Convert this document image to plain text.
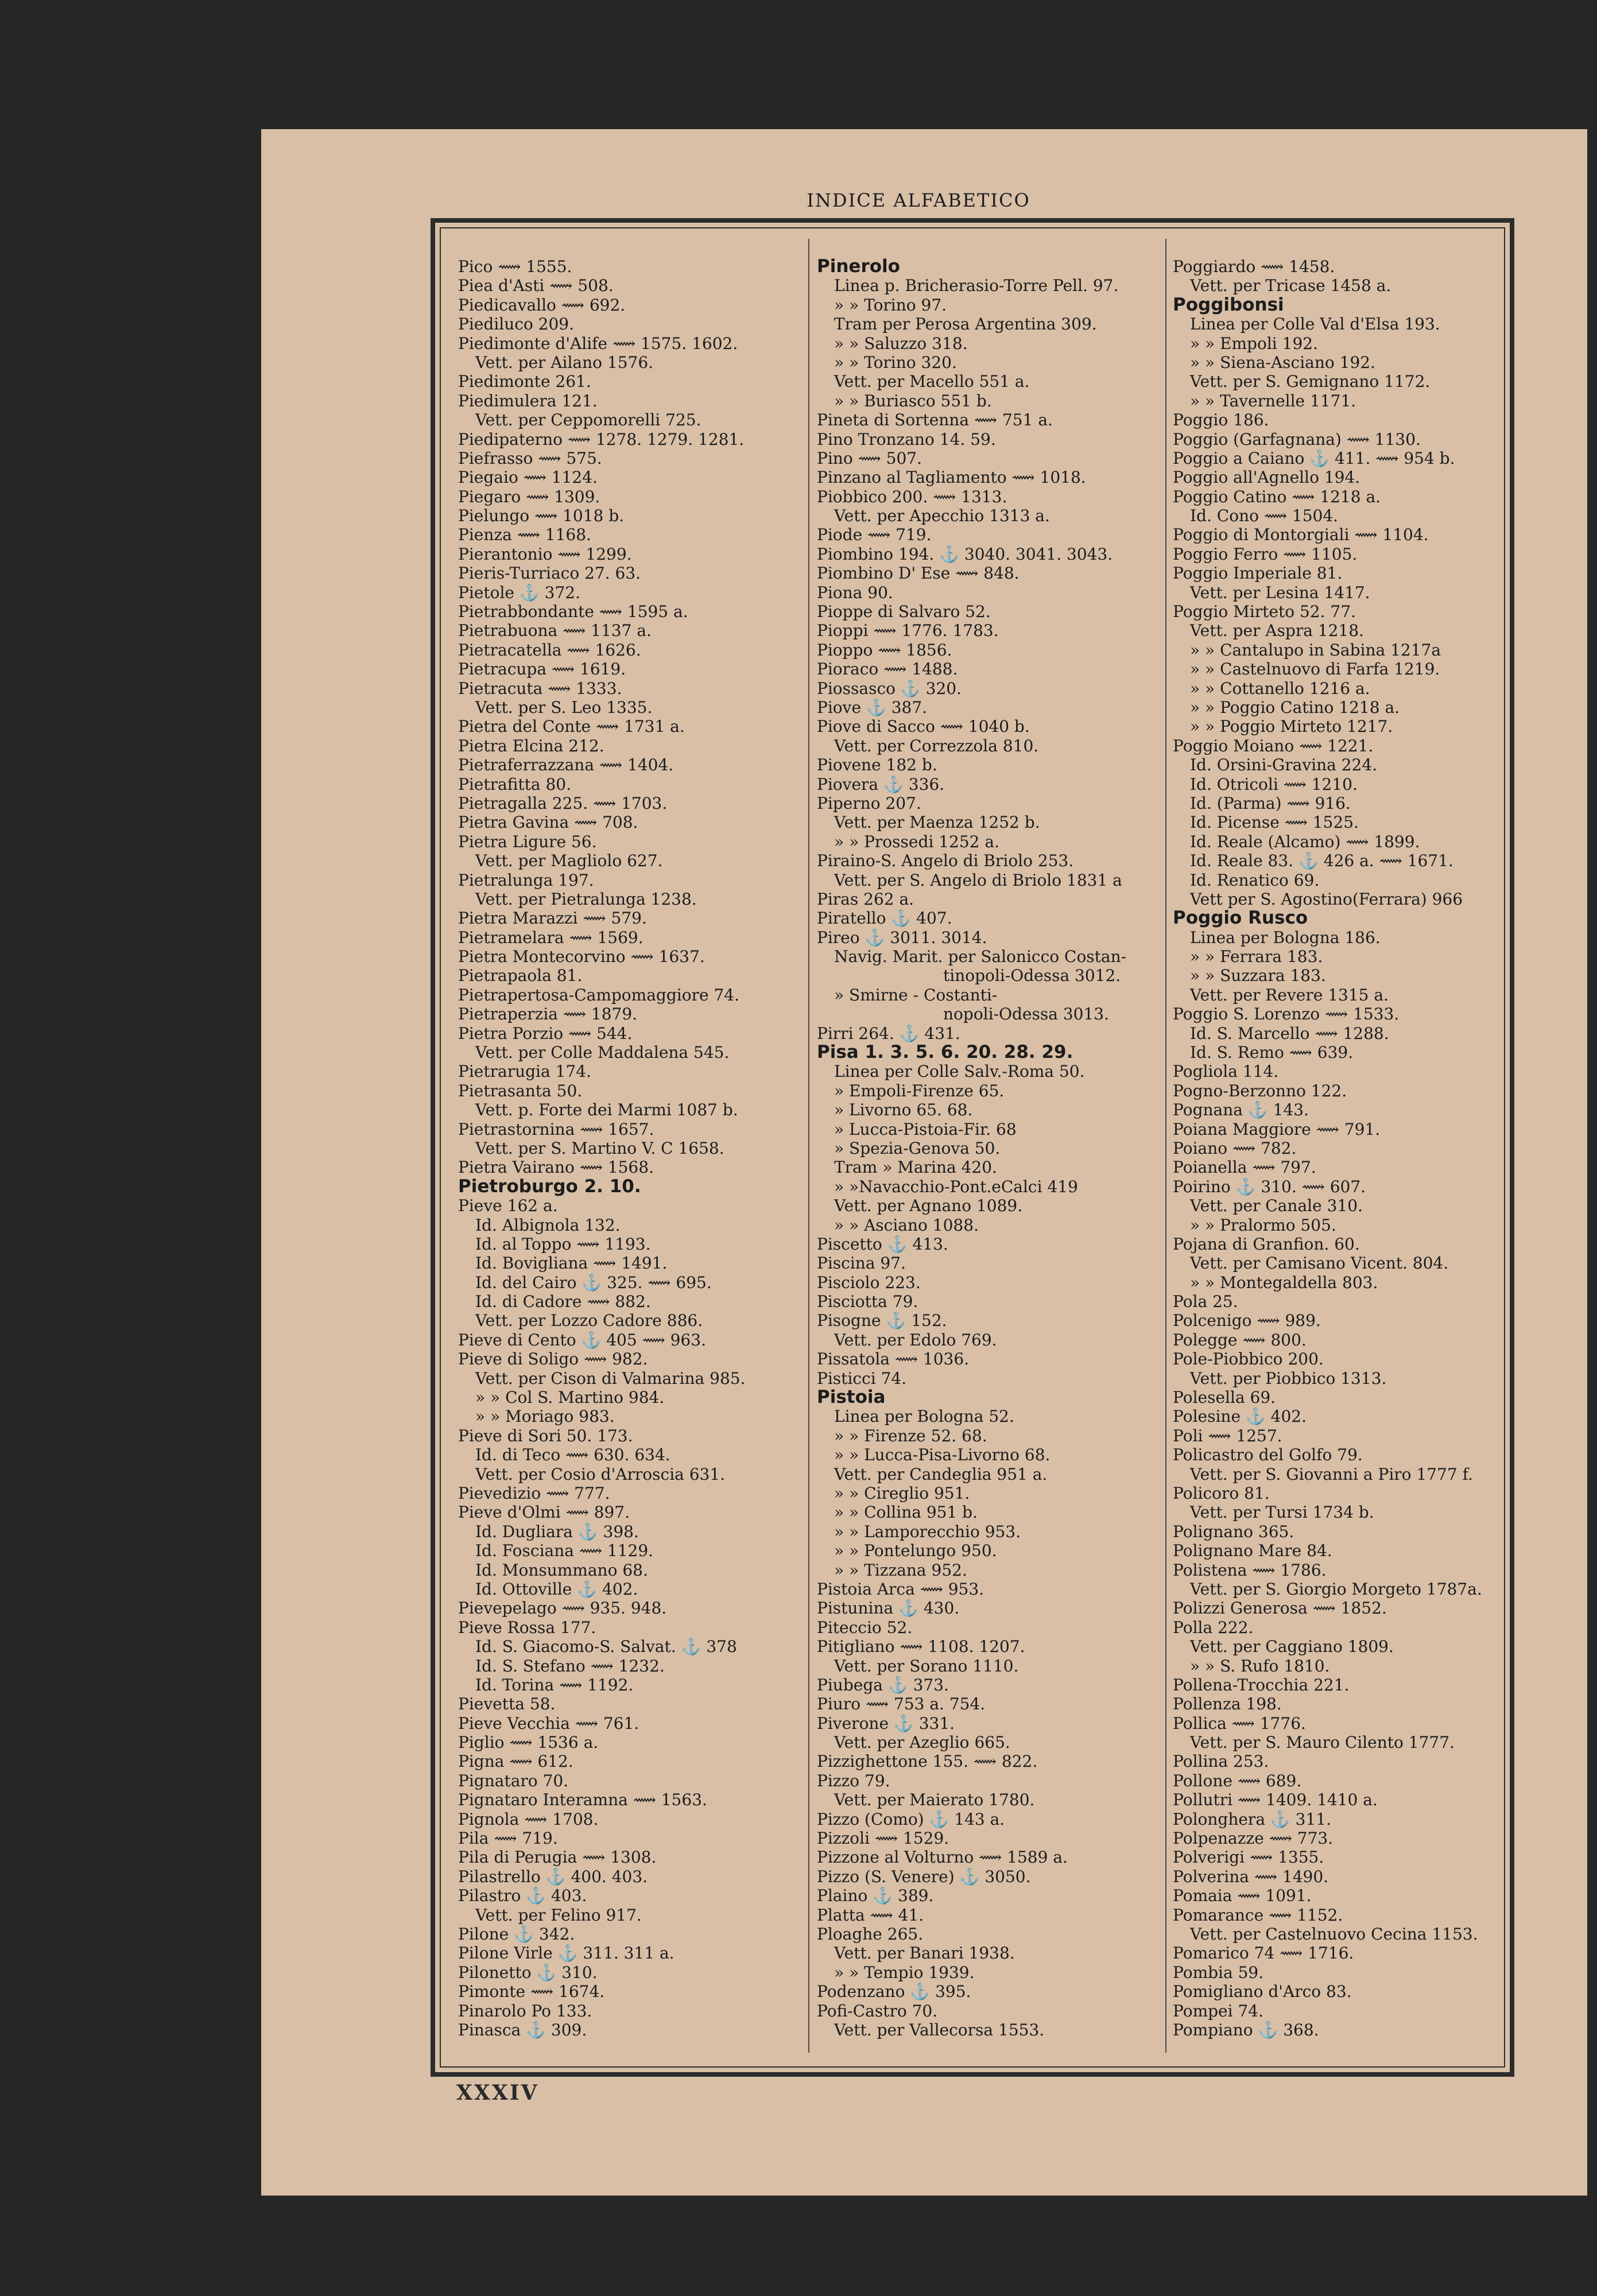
INDICE ALFABETICO
Pico ⟿ 1555.
Piea d'Asti ⟿ 508.
Piedicavallo ⟿ 692.
Piediluco 209.
Piedimonte d'Alife ⟿ 1575. 1602.
Vett. per Ailano 1576.
Piedimonte 261.
Piedimulera 121.
Vett. per Ceppomorelli 725.
Piedipaterno ⟿ 1278. 1279. 1281.
Piefrasso ⟿ 575.
Piegaio ⟿ 1124.
Piegaro ⟿ 1309.
Pielungo ⟿ 1018 b.
Pienza ⟿ 1168.
Pierantonio ⟿ 1299.
Pieris-Turriaco 27. 63.
Pietole ⚓ 372.
Pietrabbondante ⟿ 1595 a.
Pietrabuona ⟿ 1137 a.
Pietracatella ⟿ 1626.
Pietracupa ⟿ 1619.
Pietracuta ⟿ 1333.
Vett. per S. Leo 1335.
Pietra del Conte ⟿ 1731 a.
Pietra Elcina 212.
Pietraferrazzana ⟿ 1404.
Pietrafitta 80.
Pietragalla 225. ⟿ 1703.
Pietra Gavina ⟿ 708.
Pietra Ligure 56.
Vett. per Magliolo 627.
Pietralunga 197.
Vett. per Pietralunga 1238.
Pietra Marazzi ⟿ 579.
Pietramelara ⟿ 1569.
Pietra Montecorvino ⟿ 1637.
Pietrapaola 81.
Pietrapertosa-Campomaggiore 74.
Pietraperzia ⟿ 1879.
Pietra Porzio ⟿ 544.
Vett. per Colle Maddalena 545.
Pietrarugia 174.
Pietrasanta 50.
Vett. p. Forte dei Marmi 1087 b.
Pietrastornina ⟿ 1657.
Vett. per S. Martino V. C 1658.
Pietra Vairano ⟿ 1568.
Pietroburgo 2. 10.
Pieve 162 a.
Id. Albignola 132.
Id. al Toppo ⟿ 1193.
Id. Bovigliana ⟿ 1491.
Id. del Cairo ⚓ 325. ⟿ 695.
Id. di Cadore ⟿ 882.
Vett. per Lozzo Cadore 886.
Pieve di Cento ⚓ 405 ⟿ 963.
Pieve di Soligo ⟿ 982.
Vett. per Cison di Valmarina 985.
» » Col S. Martino 984.
» » Moriago 983.
Pieve di Sori 50. 173.
Id. di Teco ⟿ 630. 634.
Vett. per Cosio d'Arroscia 631.
Pievedizio ⟿ 777.
Pieve d'Olmi ⟿ 897.
Id. Dugliara ⚓ 398.
Id. Fosciana ⟿ 1129.
Id. Monsummano 68.
Id. Ottoville ⚓ 402.
Pievepelago ⟿ 935. 948.
Pieve Rossa 177.
Id. S. Giacomo-S. Salvat. ⚓ 378
Id. S. Stefano ⟿ 1232.
Id. Torina ⟿ 1192.
Pievetta 58.
Pieve Vecchia ⟿ 761.
Piglio ⟿ 1536 a.
Pigna ⟿ 612.
Pignataro 70.
Pignataro Interamna ⟿ 1563.
Pignola ⟿ 1708.
Pila ⟿ 719.
Pila di Perugia ⟿ 1308.
Pilastrello ⚓ 400. 403.
Pilastro ⚓ 403.
Vett. per Felino 917.
Pilone ⚓ 342.
Pilone Virle ⚓ 311. 311 a.
Pilonetto ⚓ 310.
Pimonte ⟿ 1674.
Pinarolo Po 133.
Pinasca ⚓ 309.
Pinerolo
Linea p. Bricherasio-Torre Pell. 97.
» » Torino 97.
Tram per Perosa Argentina 309.
» » Saluzzo 318.
» » Torino 320.
Vett. per Macello 551 a.
» » Buriasco 551 b.
Pineta di Sortenna ⟿ 751 a.
Pino Tronzano 14. 59.
Pino ⟿ 507.
Pinzano al Tagliamento ⟿ 1018.
Piobbico 200. ⟿ 1313.
Vett. per Apecchio 1313 a.
Piode ⟿ 719.
Piombino 194. ⚓ 3040. 3041. 3043.
Piombino D' Ese ⟿ 848.
Piona 90.
Pioppe di Salvaro 52.
Pioppi ⟿ 1776. 1783.
Pioppo ⟿ 1856.
Pioraco ⟿ 1488.
Piossasco ⚓ 320.
Piove ⚓ 387.
Piove di Sacco ⟿ 1040 b.
Vett. per Correzzola 810.
Piovene 182 b.
Piovera ⚓ 336.
Piperno 207.
Vett. per Maenza 1252 b.
» » Prossedi 1252 a.
Piraino-S. Angelo di Briolo 253.
Vett. per S. Angelo di Briolo 1831 a
Piras 262 a.
Piratello ⚓ 407.
Pireo ⚓ 3011. 3014.
Navig. Marit. per Salonicco Costan-
tinopoli-Odessa 3012.
» Smirne - Costanti-
nopoli-Odessa 3013.
Pirri 264. ⚓ 431.
Pisa 1. 3. 5. 6. 20. 28. 29.
Linea per Colle Salv.-Roma 50.
» Empoli-Firenze 65.
» Livorno 65. 68.
» Lucca-Pistoia-Fir. 68
» Spezia-Genova 50.
Tram » Marina 420.
» »Navacchio-Pont.eCalci 419
Vett. per Agnano 1089.
» » Asciano 1088.
Piscetto ⚓ 413.
Piscina 97.
Pisciolo 223.
Pisciotta 79.
Pisogne ⚓ 152.
Vett. per Edolo 769.
Pissatola ⟿ 1036.
Pisticci 74.
Pistoia
Linea per Bologna 52.
» » Firenze 52. 68.
» » Lucca-Pisa-Livorno 68.
Vett. per Candeglia 951 a.
» » Cireglio 951.
» » Collina 951 b.
» » Lamporecchio 953.
» » Pontelungo 950.
» » Tizzana 952.
Pistoia Arca ⟿ 953.
Pistunina ⚓ 430.
Piteccio 52.
Pitigliano ⟿ 1108. 1207.
Vett. per Sorano 1110.
Piubega ⚓ 373.
Piuro ⟿ 753 a. 754.
Piverone ⚓ 331.
Vett. per Azeglio 665.
Pizzighettone 155. ⟿ 822.
Pizzo 79.
Vett. per Maierato 1780.
Pizzo (Como) ⚓ 143 a.
Pizzoli ⟿ 1529.
Pizzone al Volturno ⟿ 1589 a.
Pizzo (S. Venere) ⚓ 3050.
Plaino ⚓ 389.
Platta ⟿ 41.
Ploaghe 265.
Vett. per Banari 1938.
» » Tempio 1939.
Podenzano ⚓ 395.
Pofi-Castro 70.
Vett. per Vallecorsa 1553.
Poggiardo ⟿ 1458.
Vett. per Tricase 1458 a.
Poggibonsi
Linea per Colle Val d'Elsa 193.
» » Empoli 192.
» » Siena-Asciano 192.
Vett. per S. Gemignano 1172.
» » Tavernelle 1171.
Poggio 186.
Poggio (Garfagnana) ⟿ 1130.
Poggio a Caiano ⚓ 411. ⟿ 954 b.
Poggio all'Agnello 194.
Poggio Catino ⟿ 1218 a.
Id. Cono ⟿ 1504.
Poggio di Montorgiali ⟿ 1104.
Poggio Ferro ⟿ 1105.
Poggio Imperiale 81.
Vett. per Lesina 1417.
Poggio Mirteto 52. 77.
Vett. per Aspra 1218.
» » Cantalupo in Sabina 1217a
» » Castelnuovo di Farfa 1219.
» » Cottanello 1216 a.
» » Poggio Catino 1218 a.
» » Poggio Mirteto 1217.
Poggio Moiano ⟿ 1221.
Id. Orsini-Gravina 224.
Id. Otricoli ⟿ 1210.
Id. (Parma) ⟿ 916.
Id. Picense ⟿ 1525.
Id. Reale (Alcamo) ⟿ 1899.
Id. Reale 83. ⚓ 426 a. ⟿ 1671.
Id. Renatico 69.
Vett per S. Agostino(Ferrara) 966
Poggio Rusco
Linea per Bologna 186.
» » Ferrara 183.
» » Suzzara 183.
Vett. per Revere 1315 a.
Poggio S. Lorenzo ⟿ 1533.
Id. S. Marcello ⟿ 1288.
Id. S. Remo ⟿ 639.
Pogliola 114.
Pogno-Berzonno 122.
Pognana ⚓ 143.
Poiana Maggiore ⟿ 791.
Poiano ⟿ 782.
Poianella ⟿ 797.
Poirino ⚓ 310. ⟿ 607.
Vett. per Canale 310.
» » Pralormo 505.
Pojana di Granfion. 60.
Vett. per Camisano Vicent. 804.
» » Montegaldella 803.
Pola 25.
Polcenigo ⟿ 989.
Polegge ⟿ 800.
Pole-Piobbico 200.
Vett. per Piobbico 1313.
Polesella 69.
Polesine ⚓ 402.
Poli ⟿ 1257.
Policastro del Golfo 79.
Vett. per S. Giovanni a Piro 1777 f.
Policoro 81.
Vett. per Tursi 1734 b.
Polignano 365.
Polignano Mare 84.
Polistena ⟿ 1786.
Vett. per S. Giorgio Morgeto 1787a.
Polizzi Generosa ⟿ 1852.
Polla 222.
Vett. per Caggiano 1809.
» » S. Rufo 1810.
Pollena-Trocchia 221.
Pollenza 198.
Pollica ⟿ 1776.
Vett. per S. Mauro Cilento 1777.
Pollina 253.
Pollone ⟿ 689.
Pollutri ⟿ 1409. 1410 a.
Polonghera ⚓ 311.
Polpenazze ⟿ 773.
Polverigi ⟿ 1355.
Polverina ⟿ 1490.
Pomaia ⟿ 1091.
Pomarance ⟿ 1152.
Vett. per Castelnuovo Cecina 1153.
Pomarico 74 ⟿ 1716.
Pombia 59.
Pomigliano d'Arco 83.
Pompei 74.
Pompiano ⚓ 368.
XXXIV
